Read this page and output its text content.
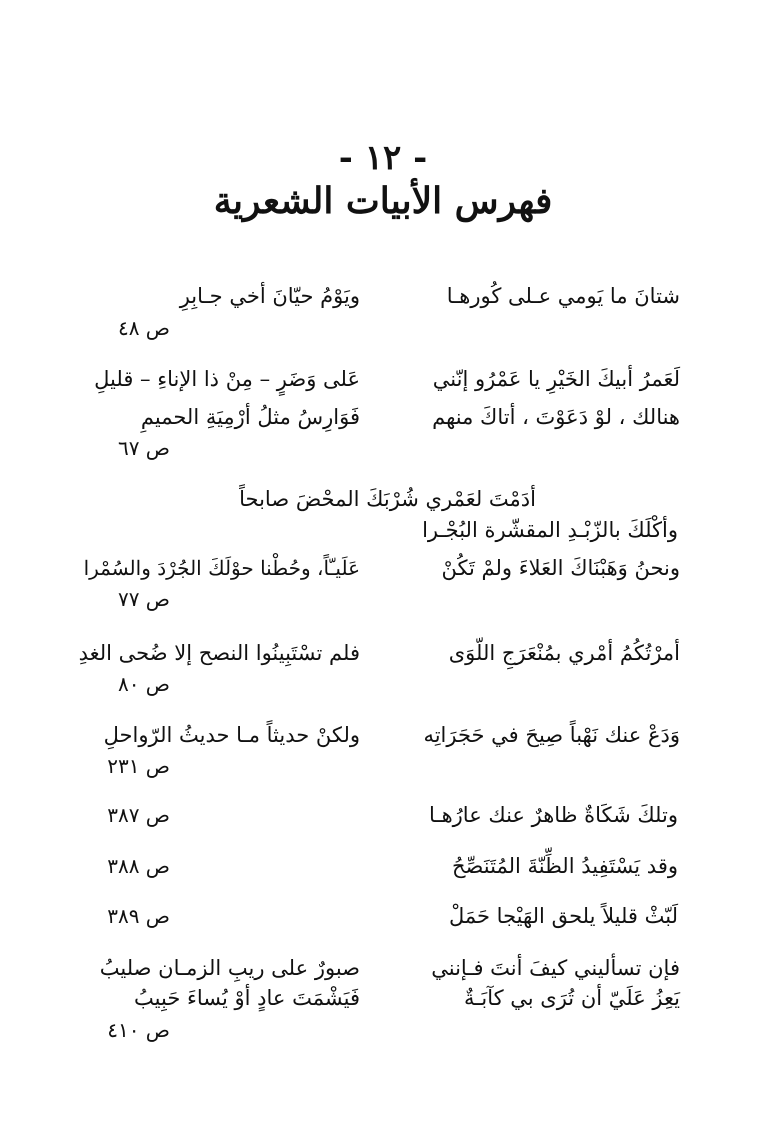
- ١٢ -
فهرس الأبيات الشعرية
شتانَ ما يَومي عـلى كُورهـا
ويَوْمُ حيّانَ أخي جـابِرِ
ص ٤٨
لَعَمرُ أبيكَ الخَيْرِ يا عَمْرُو إنّني
عَلى وَضَرٍ – مِنْ ذا الإناءِ – قليلِ
هنالك ، لوْ دَعَوْتَ ، أتاكَ منهم
فَوَارِسُ مثلُ أرْمِيَةِ الحميمِ
ص ٦٧
أدَمْتَ لعَمْري شُرْبَكَ المحْضَ صابحاً
وأكْلَكَ بالزّبْـدِ المقشّرة البُجْـرا
ونحنُ وَهَبْنَاكَ العَلاءَ ولمْ تَكُنْ
عَلَيـّاً، وحُطْنا حوْلَكَ الجُرْدَ والسُمْرا
ص ٧٧
أمرْتُكُمُ أمْري بمُنْعَرَجِ اللّوَى
فلم تسْتَبِينُوا النصح إلا ضُحى الغدِ
ص ٨٠
وَدَعْ عنك نَهْباً صِيحَ في حَجَرَاتِه
ولكنْ حديثاً مـا حديثُ الرّواحلِ
ص ٢٣١
وتلكَ شَكَاةٌ ظاهرٌ عنك عارُهـا
ص ٣٨٧
وقد يَسْتَفِيدُ الظِّنّةَ المُتَنَصِّحُ
ص ٣٨٨
لَبّثْ قليلاً يلحق الهَيْجا حَمَلْ
ص ٣٨٩
فإن تسأليني كيفَ أنتَ فـإنني
صبورٌ على ريبِ الزمـان صليبُ
يَعِزُ عَلَيّ أن تُرَى بي كآبَـةٌ
فَيَشْمَتَ عادٍ أوْ يُساءَ حَبِيبُ
ص ٤١٠
